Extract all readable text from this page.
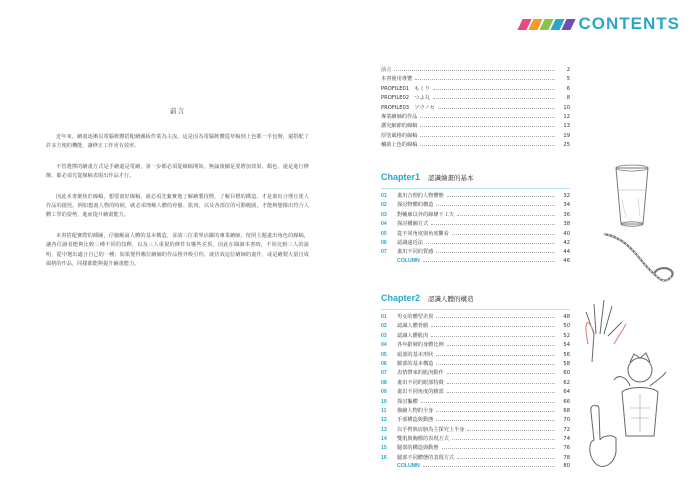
CONTENTS
前言

近年來，繪畫逐漸以電腦軟體搭配繪圖板作業為主流。這是因為電腦軟體從草稿到上色都一手包辦，還搭配了許多方便的機能，讓修正工作更有效率。

不管選擇的繪畫方式是手繪還是電繪，第一步都必須從線稿開始。無論後續是要增加效果、顏色，還是進行修飾，都必須先從線稿表現出作品才行。

因此本書聚焦於線稿，想要畫好線稿，就必須先紮實地了解繪製技標，了解目標的構造，才是畫出合理且迷人作品的捷徑。例如想畫人物的時候，就必須理解人體的骨骼、肌肉，以及各部位的可動範圍，才能夠想像出符合人體工學的姿勢，進而提升繪畫能力。

本書搭配實際的插圖，仔細解說人體的基本構造，並請三位業界活躍的專業繪師，按照主題畫出角色的線稿，讓各位讀者能夠比較三種不同的技釋，以及三人重視的條件有哪些差異。因此在閱讀本書時，不妨比較三人的說明，從中選出適合自己的一種；如果覺得哪位繪師的作品格外吸引你，就仿效這位繪師的畫作，或是繪製大量自成風格的作品，同樣都能夠提升繪畫能力。

前言	2
本書使用導覽	5
PROFILE01　もくり	6
PROFILE02　つよ丸	8
PROFILE03　ソウノセ	10
專業繪師的作品	12
講究細節的線稿	13
厚塗風格的線稿	19
輔助上色的線稿	25
Chapter1 認識繪畫的基本
01	畫出合理的人物體態	32
02	探討物體的構造	34
03	對輔廓以外的線條下工夫	36
04	探討構圖方式	38
05	從不同角度與角度觀看	40
06	認識遠近法	42
07	畫出不同的質感	44
COLUMN	46
Chapter2 認識人體的構造
01	男女的體型差異	48
02	認識人體骨骼	50
03	認識人體肌肉	52
04	各年齡層的身體比例	54
05	頭部的基本形狀	56
06	臉部的基本構造	58
07	表情帶來的肌肉動作	60
08	畫出不同的眼部特徵	62
09	畫出不同角度的臉部	64
10	探討軀體	66
11	描繪人物的全身	68
12	手部構造與動態	70
13	以手臂與肩膀為主探究上半身	72
14	雙肌與胸膛的表現方式	74
15	腿部的構造與動態	76
16	腿部不同體態的表現方式	78
COLUMN	80
